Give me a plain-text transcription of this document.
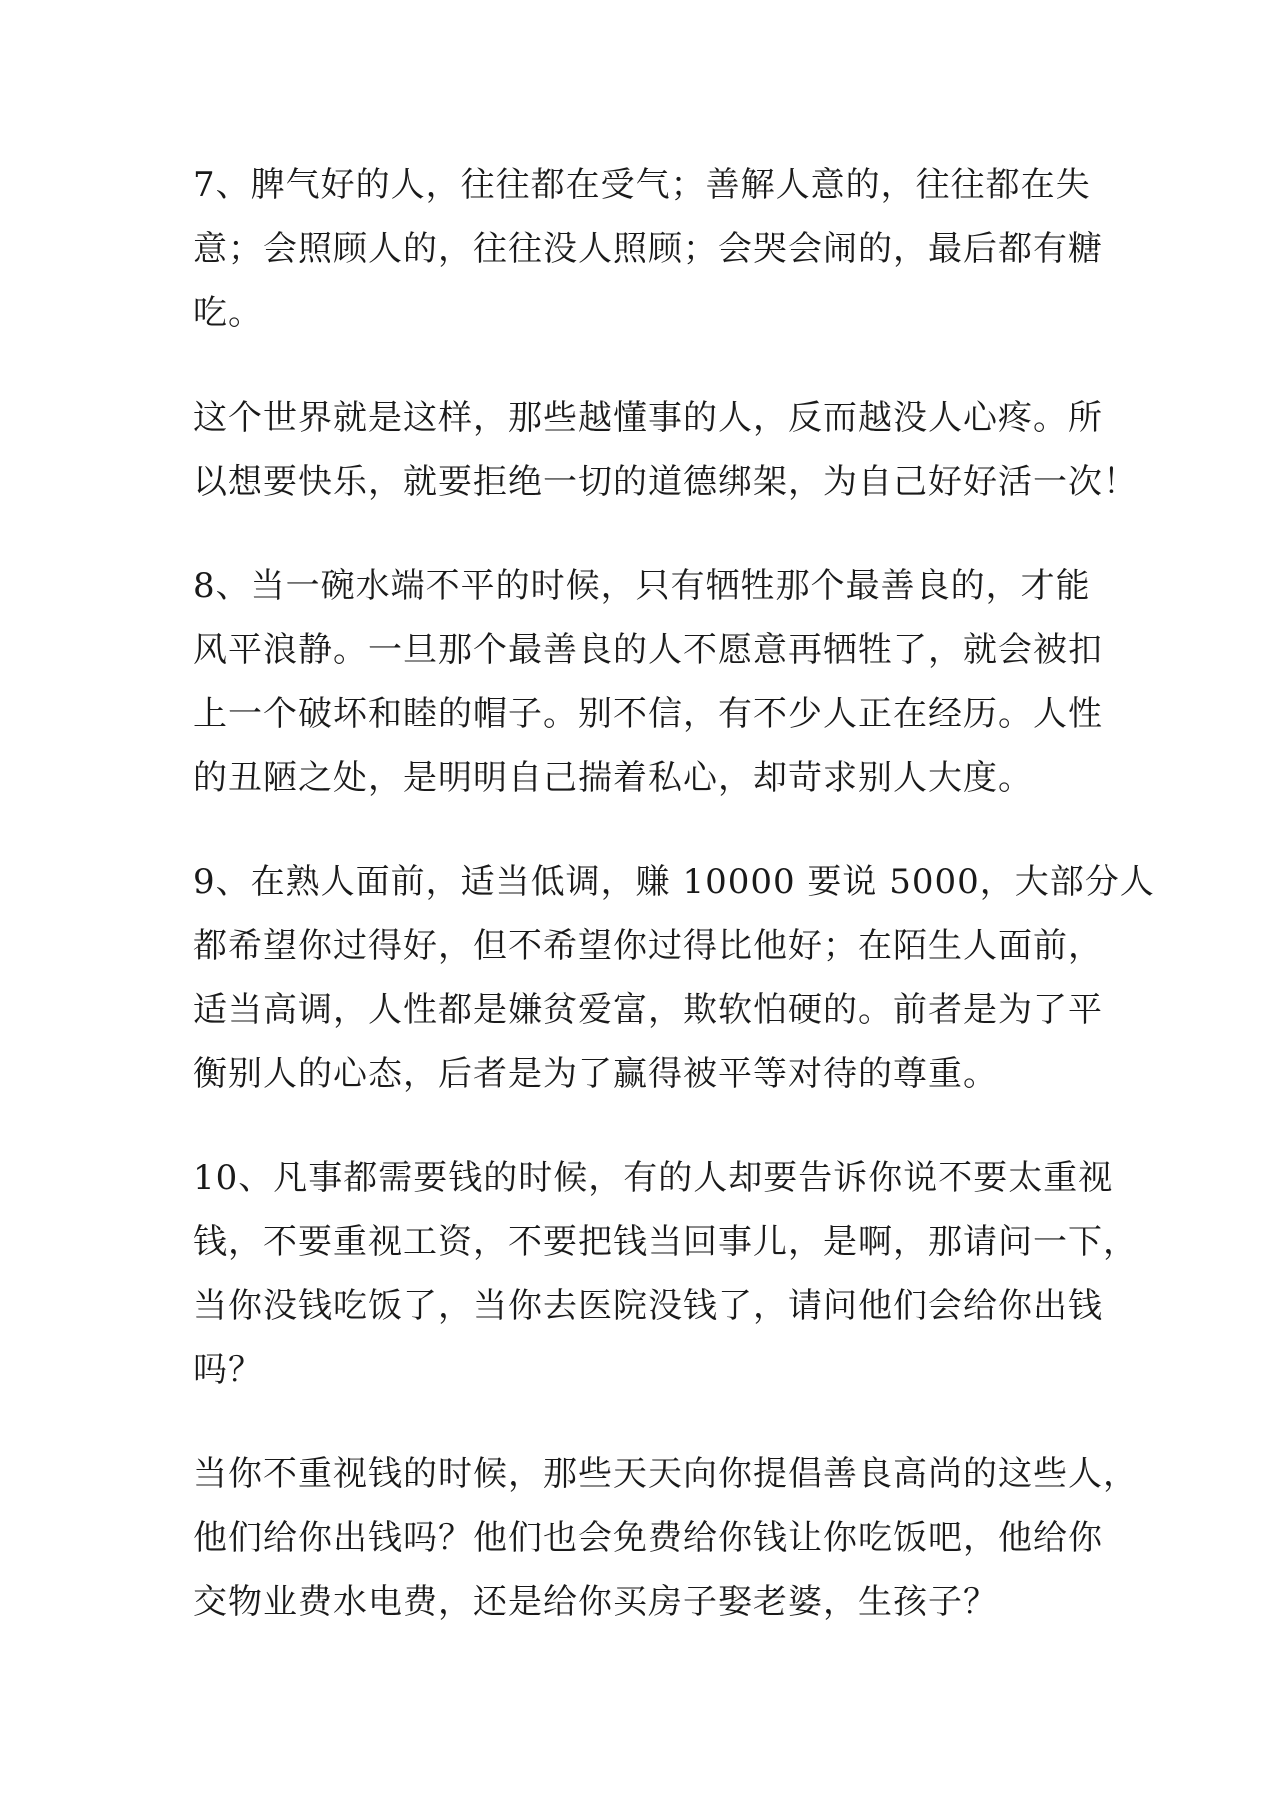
7、脾气好的人，往往都在受气；善解人意的，往往都在失
意；会照顾人的，往往没人照顾；会哭会闹的，最后都有糖
吃。
这个世界就是这样，那些越懂事的人，反而越没人心疼。所
以想要快乐，就要拒绝一切的道德绑架，为自己好好活一次！
8、当一碗水端不平的时候，只有牺牲那个最善良的，才能
风平浪静。一旦那个最善良的人不愿意再牺牲了，就会被扣
上一个破坏和睦的帽子。别不信，有不少人正在经历。人性
的丑陋之处，是明明自己揣着私心，却苛求别人大度。
9、在熟人面前，适当低调，赚 10000 要说 5000，大部分人
都希望你过得好，但不希望你过得比他好；在陌生人面前，
适当高调，人性都是嫌贫爱富，欺软怕硬的。前者是为了平
衡别人的心态，后者是为了赢得被平等对待的尊重。
10、凡事都需要钱的时候，有的人却要告诉你说不要太重视
钱，不要重视工资，不要把钱当回事儿，是啊，那请问一下，
当你没钱吃饭了，当你去医院没钱了，请问他们会给你出钱
吗？
当你不重视钱的时候，那些天天向你提倡善良高尚的这些人，
他们给你出钱吗？他们也会免费给你钱让你吃饭吧，他给你
交物业费水电费，还是给你买房子娶老婆，生孩子？
